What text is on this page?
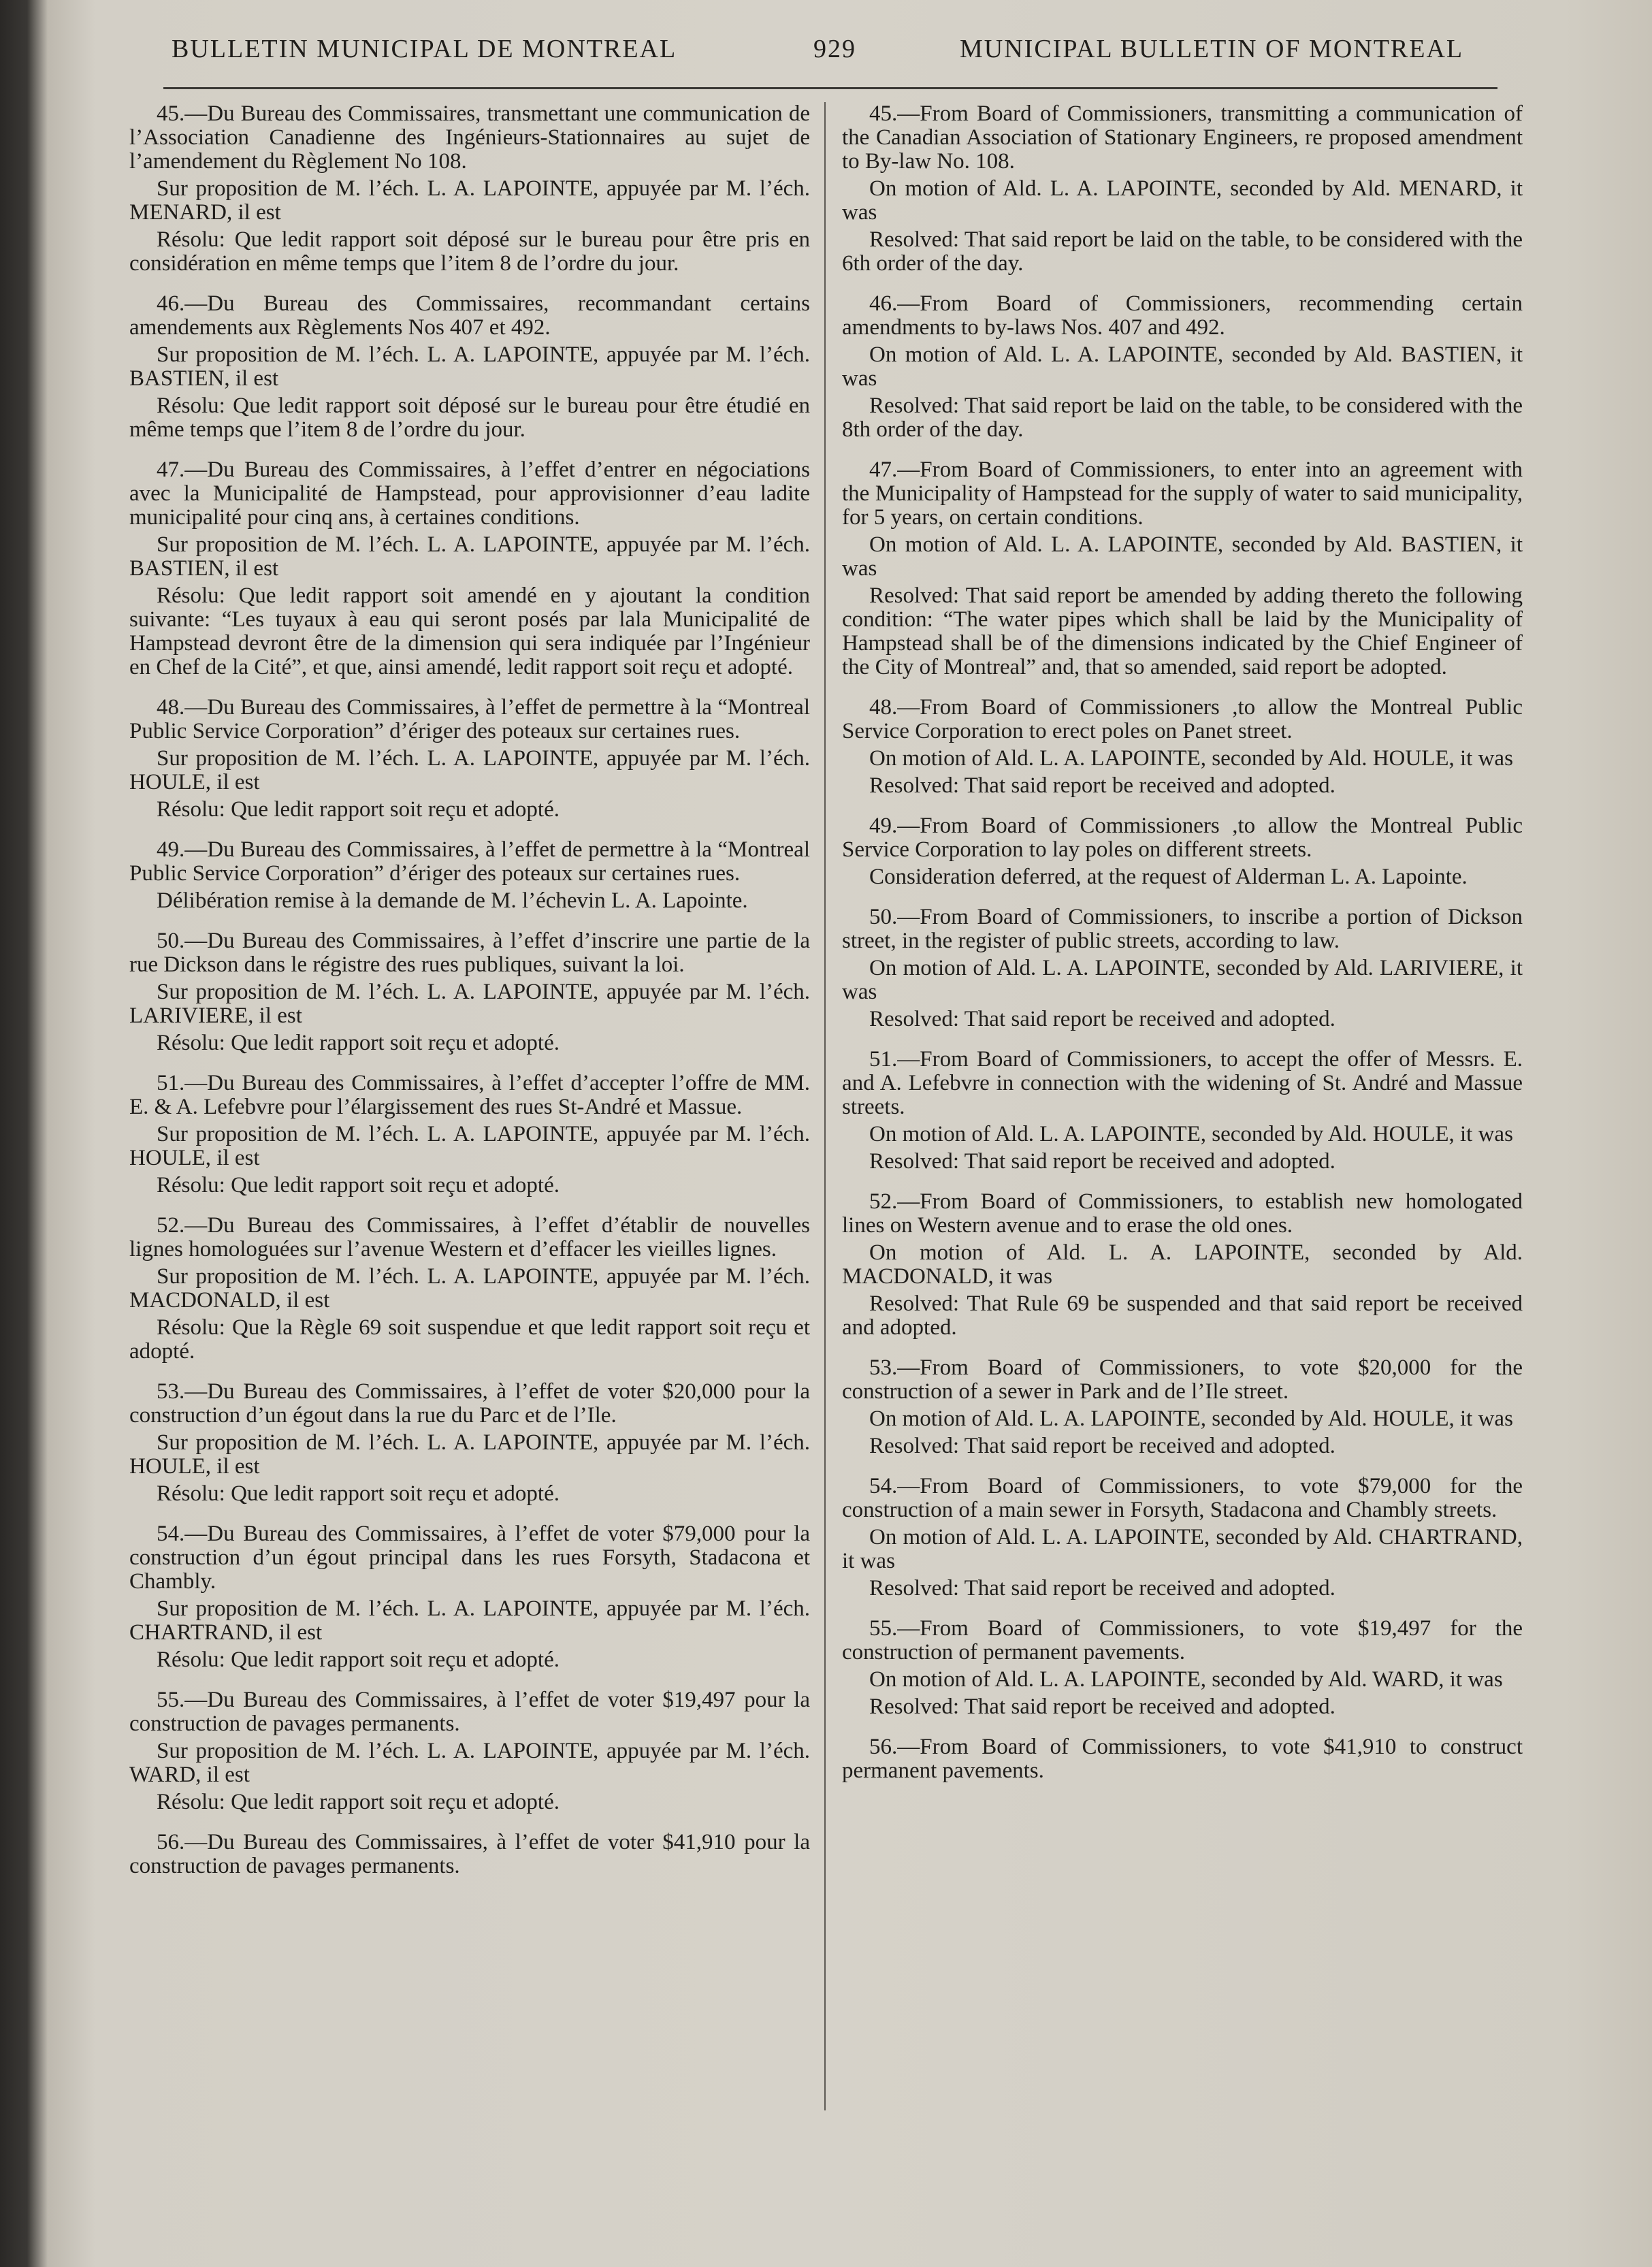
BULLETIN MUNICIPAL DE MONTREAL	929	MUNICIPAL BULLETIN OF MONTREAL

45.—Du Bureau des Commissaires, transmettant une communication de l’Association Canadienne des Ingénieurs-Stationnaires au sujet de l’amendement du Règlement No 108.

Sur proposition de M. l’éch. L. A. LAPOINTE, appuyée par M. l’éch. MENARD, il est

Résolu: Que ledit rapport soit déposé sur le bureau pour être pris en considération en même temps que l’item 8 de l’ordre du jour.

46.—Du Bureau des Commissaires, recommandant certains amendements aux Règlements Nos 407 et 492.

Sur proposition de M. l’éch. L. A. LAPOINTE, appuyée par M. l’éch. BASTIEN, il est

Résolu: Que ledit rapport soit déposé sur le bureau pour être étudié en même temps que l’item 8 de l’ordre du jour.

47.—Du Bureau des Commissaires, à l’effet d’entrer en négociations avec la Municipalité de Hampstead, pour approvisionner d’eau ladite municipalité pour cinq ans, à certaines conditions.

Sur proposition de M. l’éch. L. A. LAPOINTE, appuyée par M. l’éch. BASTIEN, il est

Résolu: Que ledit rapport soit amendé en y ajoutant la condition suivante: “Les tuyaux à eau qui seront posés par lala Municipalité de Hampstead devront être de la dimension qui sera indiquée par l’Ingénieur en Chef de la Cité”, et que, ainsi amendé, ledit rapport soit reçu et adopté.

48.—Du Bureau des Commissaires, à l’effet de permettre à la “Montreal Public Service Corporation” d’ériger des poteaux sur certaines rues.

Sur proposition de M. l’éch. L. A. LAPOINTE, appuyée par M. l’éch. HOULE, il est

Résolu: Que ledit rapport soit reçu et adopté.

49.—Du Bureau des Commissaires, à l’effet de permettre à la “Montreal Public Service Corporation” d’ériger des poteaux sur certaines rues.

Délibération remise à la demande de M. l’échevin L. A. Lapointe.

50.—Du Bureau des Commissaires, à l’effet d’inscrire une partie de la rue Dickson dans le régistre des rues publiques, suivant la loi.

Sur proposition de M. l’éch. L. A. LAPOINTE, appuyée par M. l’éch. LARIVIERE, il est

Résolu: Que ledit rapport soit reçu et adopté.

51.—Du Bureau des Commissaires, à l’effet d’accepter l’offre de MM. E. & A. Lefebvre pour l’élargissement des rues St-André et Massue.

Sur proposition de M. l’éch. L. A. LAPOINTE, appuyée par M. l’éch. HOULE, il est

Résolu: Que ledit rapport soit reçu et adopté.

52.—Du Bureau des Commissaires, à l’effet d’établir de nouvelles lignes homologuées sur l’avenue Western et d’effacer les vieilles lignes.

Sur proposition de M. l’éch. L. A. LAPOINTE, appuyée par M. l’éch. MACDONALD, il est

Résolu: Que la Règle 69 soit suspendue et que ledit rapport soit reçu et adopté.

53.—Du Bureau des Commissaires, à l’effet de voter $20,000 pour la construction d’un égout dans la rue du Parc et de l’Ile.

Sur proposition de M. l’éch. L. A. LAPOINTE, appuyée par M. l’éch. HOULE, il est

Résolu: Que ledit rapport soit reçu et adopté.

54.—Du Bureau des Commissaires, à l’effet de voter $79,000 pour la construction d’un égout principal dans les rues Forsyth, Stadacona et Chambly.

Sur proposition de M. l’éch. L. A. LAPOINTE, appuyée par M. l’éch. CHARTRAND, il est

Résolu: Que ledit rapport soit reçu et adopté.

55.—Du Bureau des Commissaires, à l’effet de voter $19,497 pour la construction de pavages permanents.

Sur proposition de M. l’éch. L. A. LAPOINTE, appuyée par M. l’éch. WARD, il est

Résolu: Que ledit rapport soit reçu et adopté.

56.—Du Bureau des Commissaires, à l’effet de voter $41,910 pour la construction de pavages permanents.

45.—From Board of Commissioners, transmitting a communication of the Canadian Association of Stationary Engineers, re proposed amendment to By-law No. 108.

On motion of Ald. L. A. LAPOINTE, seconded by Ald. MENARD, it was

Resolved: That said report be laid on the table, to be considered with the 6th order of the day.

46.—From Board of Commissioners, recommending certain amendments to by-laws Nos. 407 and 492.

On motion of Ald. L. A. LAPOINTE, seconded by Ald. BASTIEN, it was

Resolved: That said report be laid on the table, to be considered with the 8th order of the day.

47.—From Board of Commissioners, to enter into an agreement with the Municipality of Hampstead for the supply of water to said municipality, for 5 years, on certain conditions.

On motion of Ald. L. A. LAPOINTE, seconded by Ald. BASTIEN, it was

Resolved: That said report be amended by adding thereto the following condition: “The water pipes which shall be laid by the Municipality of Hampstead shall be of the dimensions indicated by the Chief Engineer of the City of Montreal” and, that so amended, said report be adopted.

48.—From Board of Commissioners ,to allow the Montreal Public Service Corporation to erect poles on Panet street.

On motion of Ald. L. A. LAPOINTE, seconded by Ald. HOULE, it was

Resolved: That said report be received and adopted.

49.—From Board of Commissioners ,to allow the Montreal Public Service Corporation to lay poles on different streets.

Consideration deferred, at the request of Alderman L. A. Lapointe.

50.—From Board of Commissioners, to inscribe a portion of Dickson street, in the register of public streets, according to law.

On motion of Ald. L. A. LAPOINTE, seconded by Ald. LARIVIERE, it was

Resolved: That said report be received and adopted.

51.—From Board of Commissioners, to accept the offer of Messrs. E. and A. Lefebvre in connection with the widening of St. André and Massue streets.

On motion of Ald. L. A. LAPOINTE, seconded by Ald. HOULE, it was

Resolved: That said report be received and adopted.

52.—From Board of Commissioners, to establish new homologated lines on Western avenue and to erase the old ones.

On motion of Ald. L. A. LAPOINTE, seconded by Ald. MACDONALD, it was

Resolved: That Rule 69 be suspended and that said report be received and adopted.

53.—From Board of Commissioners, to vote $20,000 for the construction of a sewer in Park and de l’Ile street.

On motion of Ald. L. A. LAPOINTE, seconded by Ald. HOULE, it was

Resolved: That said report be received and adopted.

54.—From Board of Commissioners, to vote $79,000 for the construction of a main sewer in Forsyth, Stadacona and Chambly streets.

On motion of Ald. L. A. LAPOINTE, seconded by Ald. CHARTRAND, it was

Resolved: That said report be received and adopted.

55.—From Board of Commissioners, to vote $19,497 for the construction of permanent pavements.

On motion of Ald. L. A. LAPOINTE, seconded by Ald. WARD, it was

Resolved: That said report be received and adopted.

56.—From Board of Commissioners, to vote $41,910 to construct permanent pavements.
